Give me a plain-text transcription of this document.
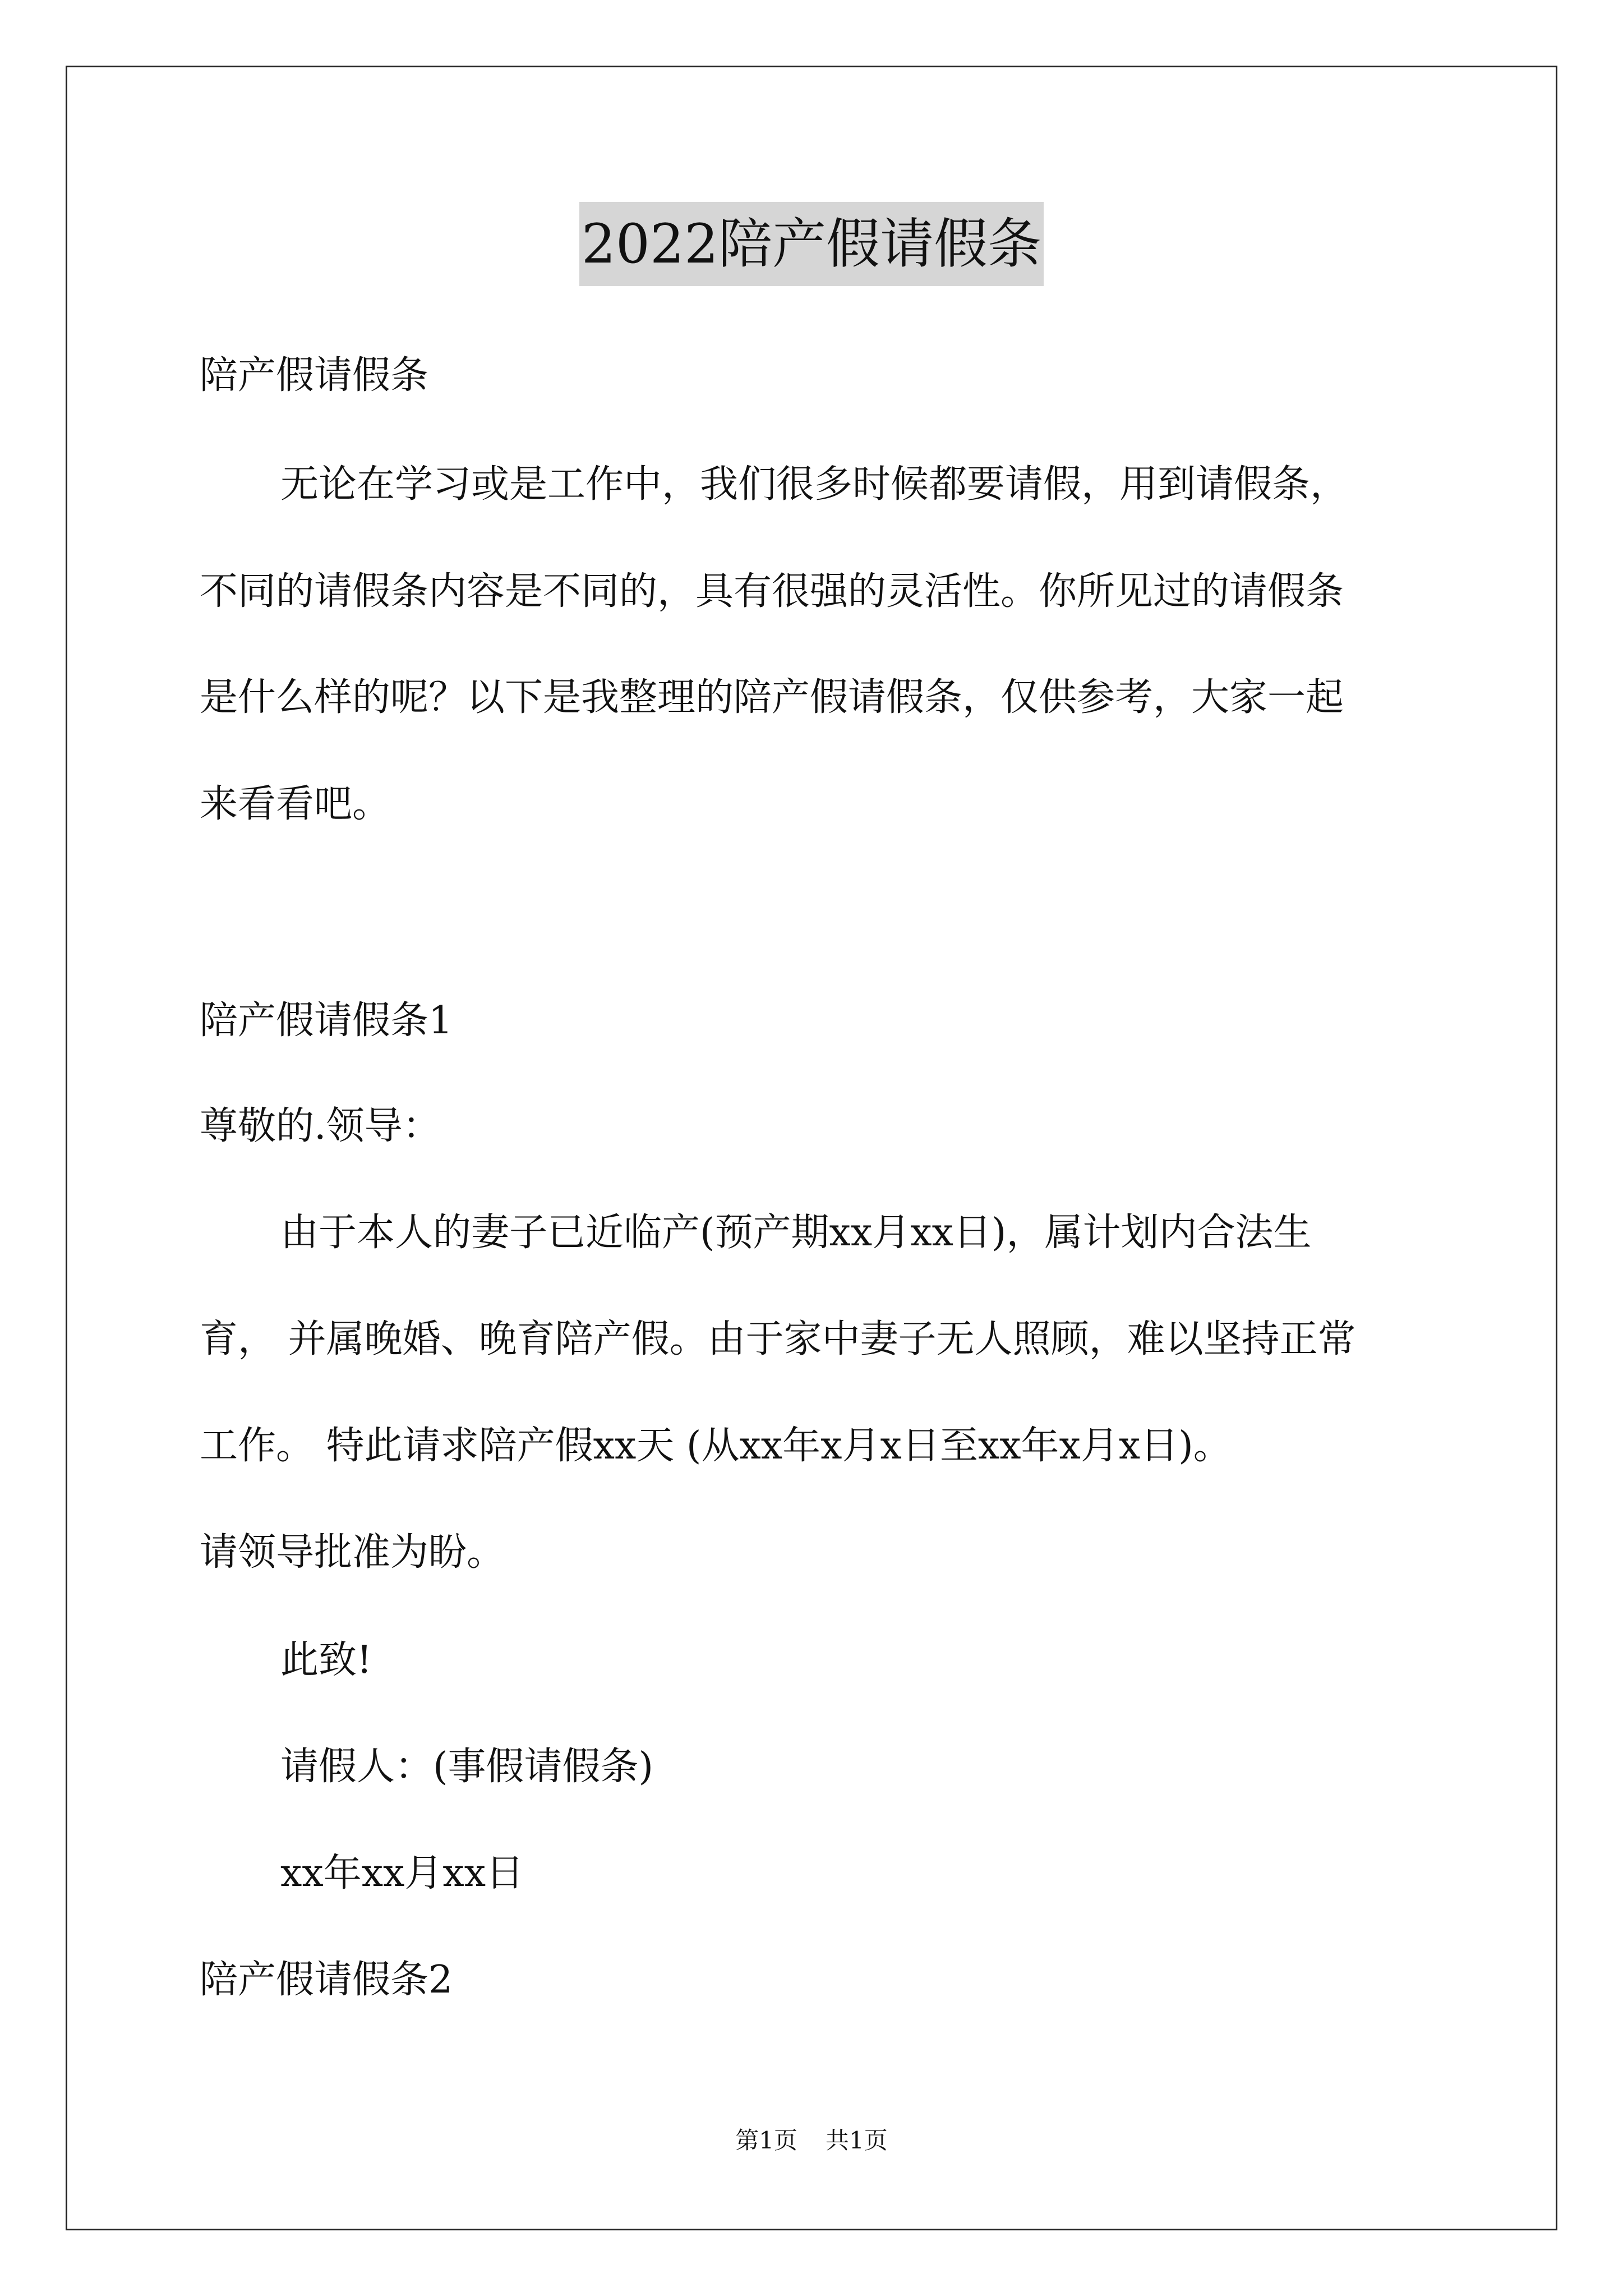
2022陪产假请假条
陪产假请假条
无论在学习或是工作中，我们很多时候都要请假，用到请假条，
不同的请假条内容是不同的，具有很强的灵活性。你所见过的请假条
是什么样的呢？以下是我整理的陪产假请假条，仅供参考，大家一起
来看看吧。
陪产假请假条1
尊敬的.领导：
由于本人的妻子已近临产(预产期xx月xx日)，属计划内合法生
育， 并属晚婚、晚育陪产假。由于家中妻子无人照顾，难以坚持正常
工作。 特此请求陪产假xx天 (从xx年x月x日至xx年x月x日)。
请领导批准为盼。
此致!
请假人：(事假请假条)
xx年xx月xx日
陪产假请假条2
第1页 共1页
